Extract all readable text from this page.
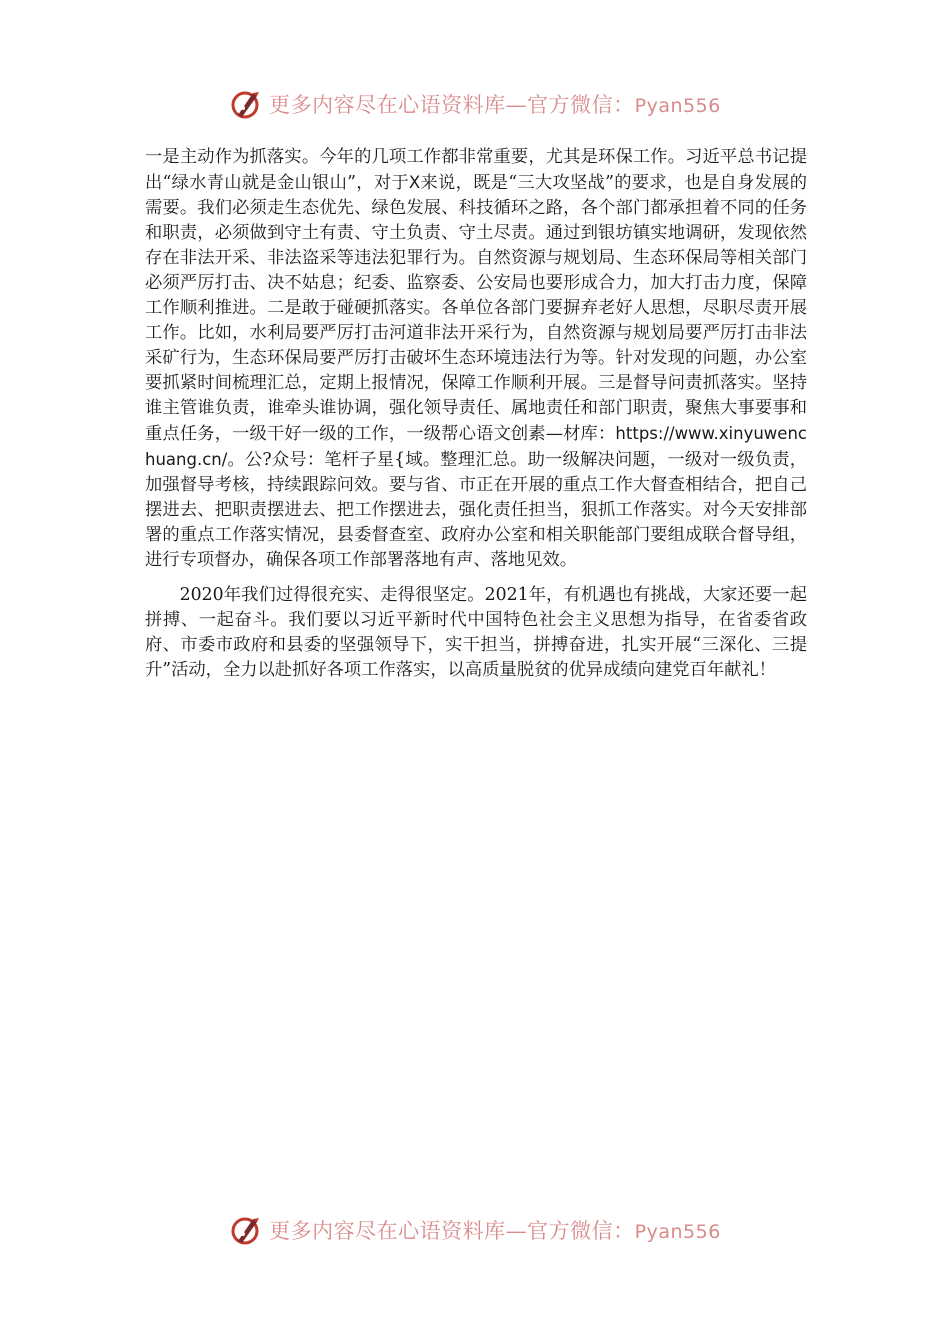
更多内容尽在心语资料库—官方微信：Pyan556

一是主动作为抓落实。今年的几项工作都非常重要，尤其是环保工作。习近平总书记提出“绿水青山就是金山银山”，对于X来说，既是“三大攻坚战”的要求，也是自身发展的需要。我们必须走生态优先、绿色发展、科技循环之路，各个部门都承担着不同的任务和职责，必须做到守土有责、守土负责、守土尽责。通过到银坊镇实地调研，发现依然存在非法开采、非法盗采等违法犯罪行为。自然资源与规划局、生态环保局等相关部门必须严厉打击、决不姑息；纪委、监察委、公安局也要形成合力，加大打击力度，保障工作顺利推进。二是敢于碰硬抓落实。各单位各部门要摒弃老好人思想，尽职尽责开展工作。比如，水利局要严厉打击河道非法开采行为，自然资源与规划局要严厉打击非法采矿行为，生态环保局要严厉打击破坏生态环境违法行为等。针对发现的问题，办公室要抓紧时间梳理汇总，定期上报情况，保障工作顺利开展。三是督导问责抓落实。坚持谁主管谁负责，谁牵头谁协调，强化领导责任、属地责任和部门职责，聚焦大事要事和重点任务，一级干好一级的工作，一级帮心语文创素—材库：https://www.xinyuwenchuang.cn/。公?众号：笔杆子星{域。整理汇总。助一级解决问题，一级对一级负责，加强督导考核，持续跟踪问效。要与省、市正在开展的重点工作大督查相结合，把自己摆进去、把职责摆进去、把工作摆进去，强化责任担当，狠抓工作落实。对今天安排部署的重点工作落实情况，县委督查室、政府办公室和相关职能部门要组成联合督导组，进行专项督办，确保各项工作部署落地有声、落地见效。

2020年我们过得很充实、走得很坚定。2021年，有机遇也有挑战，大家还要一起拼搏、一起奋斗。我们要以习近平新时代中国特色社会主义思想为指导，在省委省政府、市委市政府和县委的坚强领导下，实干担当，拼搏奋进，扎实开展“三深化、三提升”活动，全力以赴抓好各项工作落实，以高质量脱贫的优异成绩向建党百年献礼！

更多内容尽在心语资料库—官方微信：Pyan556
